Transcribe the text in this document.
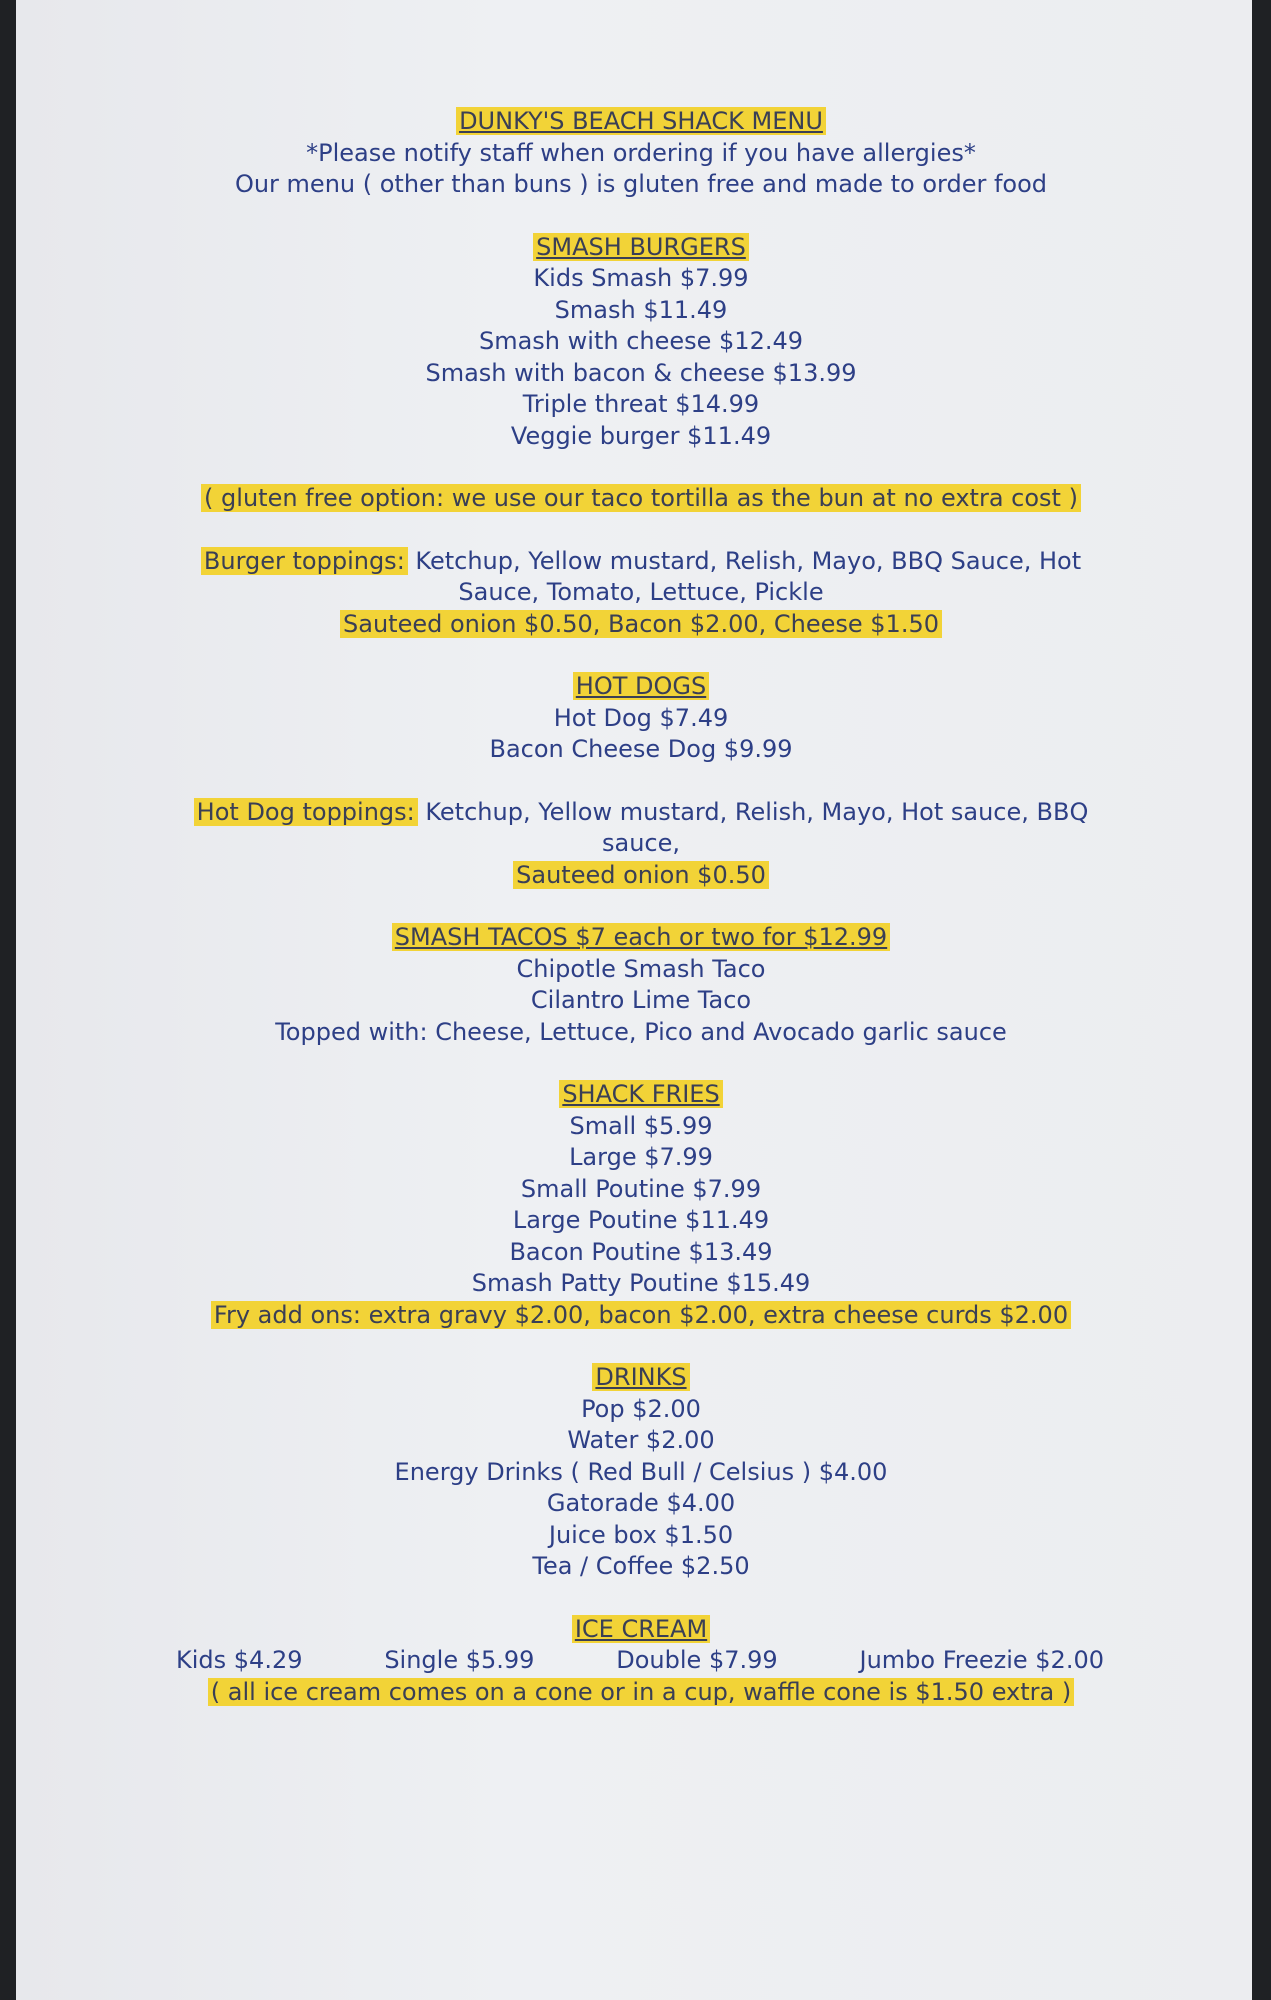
DUNKY'S BEACH SHACK MENU
*Please notify staff when ordering if you have allergies*
Our menu ( other than buns ) is gluten free and made to order food
SMASH BURGERS
Kids Smash $7.99
Smash $11.49
Smash with cheese $12.49
Smash with bacon & cheese $13.99
Triple threat $14.99
Veggie burger $11.49
( gluten free option: we use our taco tortilla as the bun at no extra cost )
Burger toppings: Ketchup, Yellow mustard, Relish, Mayo, BBQ Sauce, Hot
Sauce, Tomato, Lettuce, Pickle
Sauteed onion $0.50, Bacon $2.00, Cheese $1.50
HOT DOGS
Hot Dog $7.49
Bacon Cheese Dog $9.99
Hot Dog toppings: Ketchup, Yellow mustard, Relish, Mayo, Hot sauce, BBQ
sauce,
Sauteed onion $0.50
SMASH TACOS $7 each or two for $12.99
Chipotle Smash Taco
Cilantro Lime Taco
Topped with: Cheese, Lettuce, Pico and Avocado garlic sauce
SHACK FRIES
Small $5.99
Large $7.99
Small Poutine $7.99
Large Poutine $11.49
Bacon Poutine $13.49
Smash Patty Poutine $15.49
Fry add ons: extra gravy $2.00, bacon $2.00, extra cheese curds $2.00
DRINKS
Pop $2.00
Water $2.00
Energy Drinks ( Red Bull / Celsius ) $4.00
Gatorade $4.00
Juice box $1.50
Tea / Coffee $2.50
ICE CREAM
Kids $4.29	Single $5.99	Double $7.99	Jumbo Freezie $2.00
( all ice cream comes on a cone or in a cup, waffle cone is $1.50 extra )
